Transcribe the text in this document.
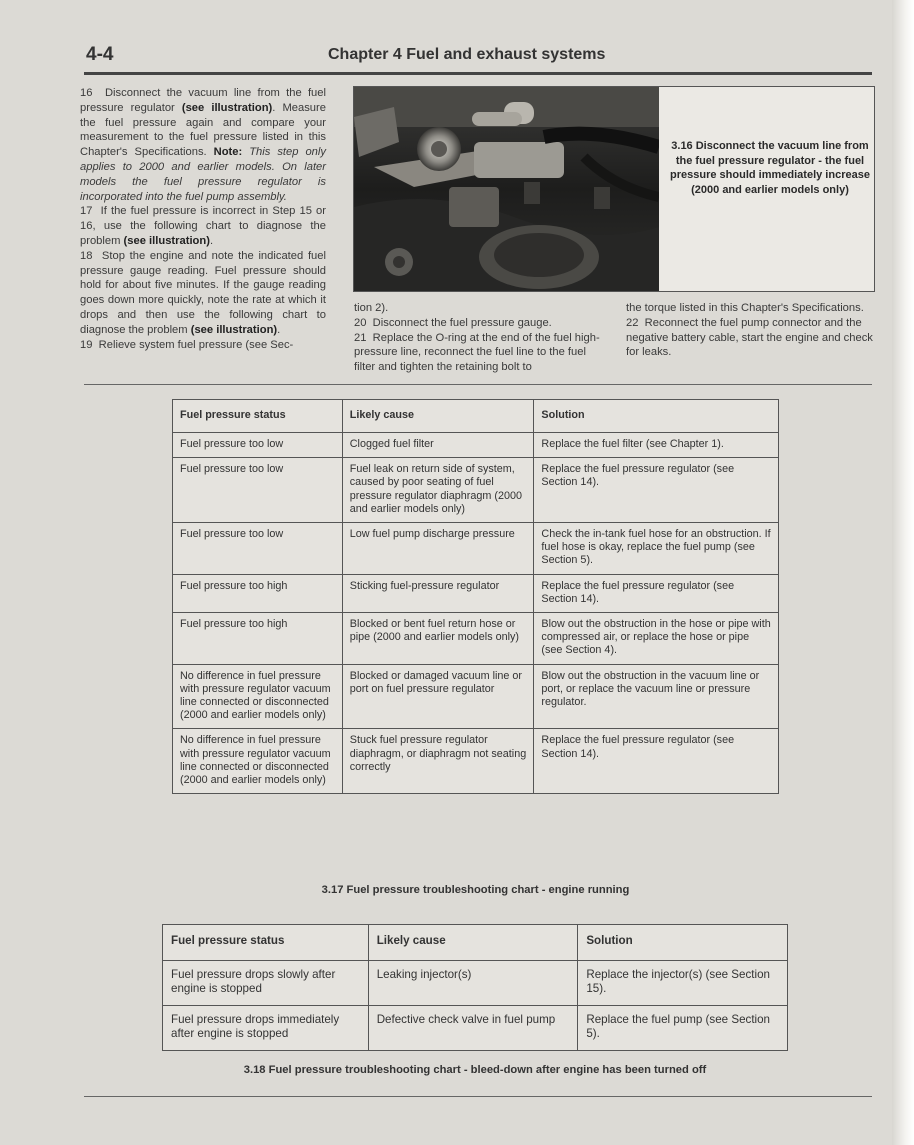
4-4	Chapter 4 Fuel and exhaust systems

16  Disconnect the vacuum line from the fuel pressure regulator (see illustration). Measure the fuel pressure again and compare your measurement to the fuel pressure listed in this Chapter's Specifications. Note: This step only applies to 2000 and earlier models. On later models the fuel pressure regulator is incorporated into the fuel pump assembly.

17  If the fuel pressure is incorrect in Step 15 or 16, use the following chart to diagnose the problem (see illustration).

18  Stop the engine and note the indicated fuel pressure gauge reading. Fuel pressure should hold for about five minutes. If the gauge reading goes down more quickly, note the rate at which it drops and then use the following chart to diagnose the problem (see illustration).

19  Relieve system fuel pressure (see Sec-

3.16 Disconnect the vacuum line from the fuel pressure regulator - the fuel pressure should immediately increase (2000 and earlier models only)

tion 2).

20  Disconnect the fuel pressure gauge.

21  Replace the O-ring at the end of the fuel high-pressure line, reconnect the fuel line to the fuel filter and tighten the retaining bolt to

the torque listed in this Chapter's Specifications.

22  Reconnect the fuel pump connector and the negative battery cable, start the engine and check for leaks.

Fuel pressure status	Likely cause	Solution
Fuel pressure too low	Clogged fuel filter	Replace the fuel filter (see Chapter 1).
Fuel pressure too low	Fuel leak on return side of system, caused by poor seating of fuel pressure regulator diaphragm (2000 and earlier models only)	Replace the fuel pressure regulator (see Section 14).
Fuel pressure too low	Low fuel pump discharge pressure	Check the in-tank fuel hose for an obstruction. If fuel hose is okay, replace the fuel pump (see Section 5).
Fuel pressure too high	Sticking fuel-pressure regulator	Replace the fuel pressure regulator (see Section 14).
Fuel pressure too high	Blocked or bent fuel return hose or pipe (2000 and earlier models only)	Blow out the obstruction in the hose or pipe with compressed air, or replace the hose or pipe (see Section 4).
No difference in fuel pressure with pressure regulator vacuum line connected or disconnected (2000 and earlier models only)	Blocked or damaged vacuum line or port on fuel pressure regulator	Blow out the obstruction in the vacuum line or port, or replace the vacuum line or pressure regulator.
No difference in fuel pressure with pressure regulator vacuum line connected or disconnected (2000 and earlier models only)	Stuck fuel pressure regulator diaphragm, or diaphragm not seating correctly	Replace the fuel pressure regulator (see Section 14).
3.17 Fuel pressure troubleshooting chart - engine running
Fuel pressure status	Likely cause	Solution
Fuel pressure drops slowly after engine is stopped	Leaking injector(s)	Replace the injector(s) (see Section 15).
Fuel pressure drops immediately after engine is stopped	Defective check valve in fuel pump	Replace the fuel pump (see Section 5).
3.18 Fuel pressure troubleshooting chart - bleed-down after engine has been turned off
